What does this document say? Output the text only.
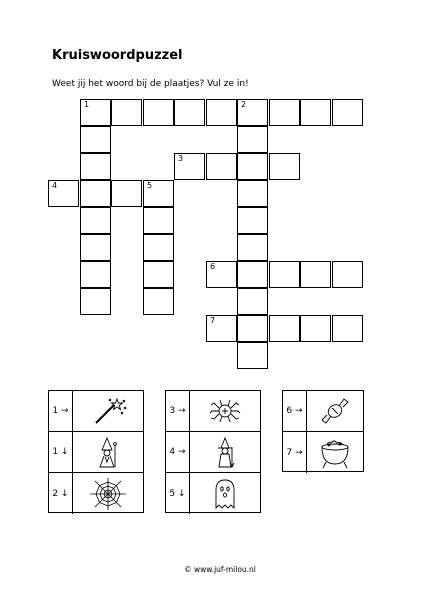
Kruiswoordpuzzel
Weet jij het woord bij de plaatjes? Vul ze in!
1	2
3
4	5
6
7
1 →
1 ↓
2 ↓
3 →
4 →
5 ↓
6 →
7 →
© www.juf-milou.nl
